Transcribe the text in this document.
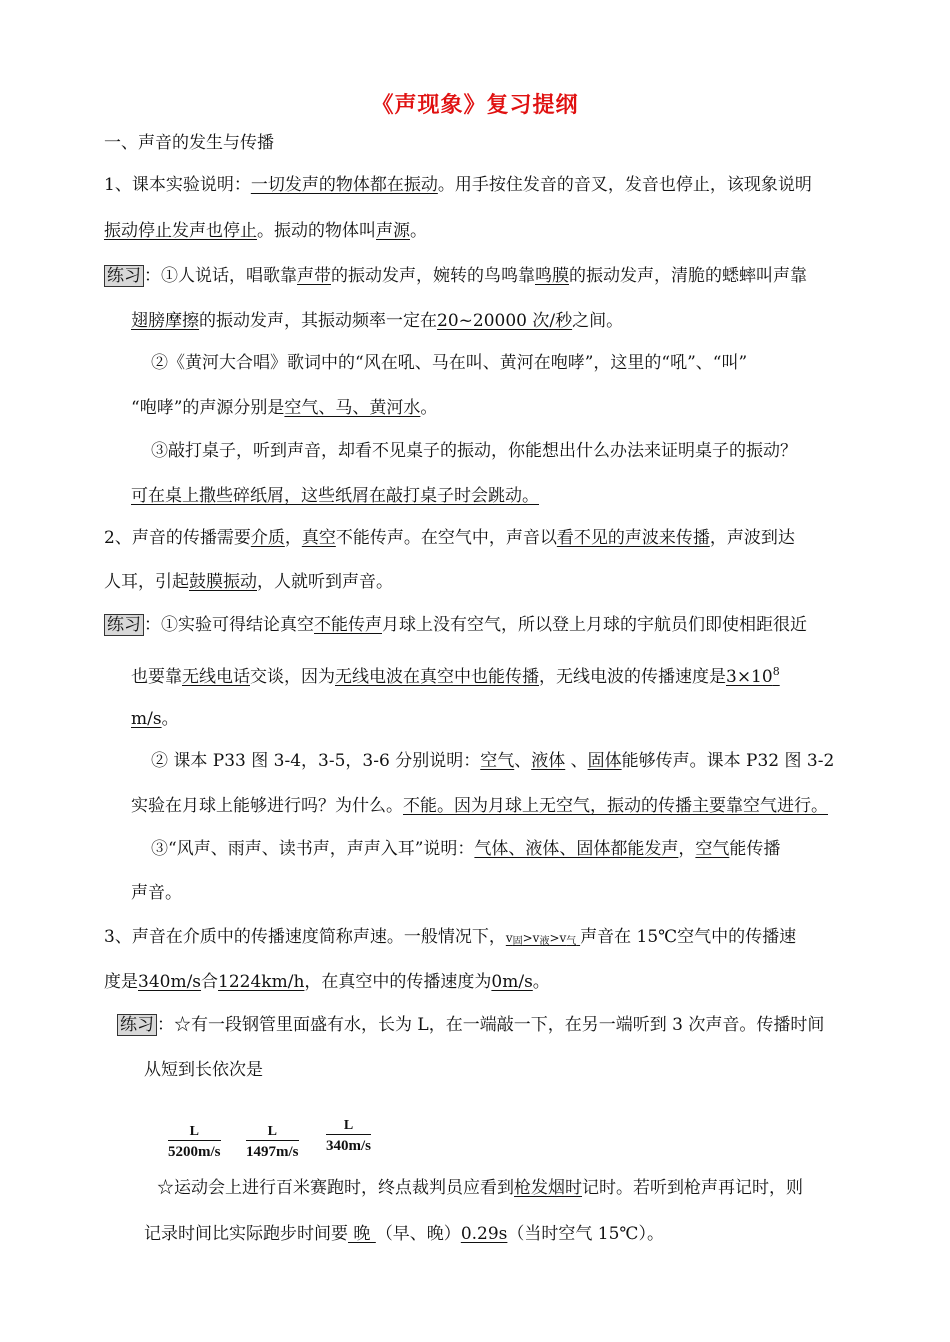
《声现象》复习提纲
一、声音的发生与传播
1、课本实验说明：一切发声的物体都在振动。用手按住发音的音叉，发音也停止，该现象说明
振动停止发声也停止。振动的物体叫声源。
练习 ：①人说话，唱歌靠声带的振动发声，婉转的鸟鸣靠鸣膜的振动发声，清脆的蟋蟀叫声靠
翅膀摩擦的振动发声，其振动频率一定在20~20000 次/秒之间。
②《黄河大合唱》歌词中的“风在吼、马在叫、黄河在咆哮”，这里的“吼”、“叫”
“咆哮”的声源分别是空气、马、黄河水。
③敲打桌子，听到声音，却看不见桌子的振动，你能想出什么办法来证明桌子的振动？
可在桌上撒些碎纸屑，这些纸屑在敲打桌子时会跳动。
2、声音的传播需要介质，真空不能传声。在空气中，声音以看不见的声波来传播，声波到达
人耳，引起鼓膜振动，人就听到声音。
练习 ：①实验可得结论真空不能传声月球上没有空气，所以登上月球的宇航员们即使相距很近
也要靠无线电话交谈，因为无线电波在真空中也能传播，无线电波的传播速度是$3\times 10^8$
m/s。
② 课本 P33 图 3-4，3-5，3-6 分别说明：空气、液体 、固体能够传声。课本 P32 图 3-2
实验在月球上能够进行吗？为什么。不能。因为月球上无空气，振动的传播主要靠空气进行。
③“风声、雨声、读书声，声声入耳”说明：气体、液体、固体都能发声，空气能传播
声音。
3、声音在介质中的传播速度简称声速。一般情况下，$v_固>v_液>v_气$ 声音在 15℃空气中的传播速
度是340m/s合1224km/h，在真空中的传播速度为0m/s。
练习 ：☆有一段钢管里面盛有水，长为 L，在一端敲一下，在另一端听到 3 次声音。传播时间
从短到长依次是
$\frac{L}{5200m/s} \frac{L}{1497m/s} \frac{L}{340m/s}$
☆运动会上进行百米赛跑时，终点裁判员应看到枪发烟时记时。若听到枪声再记时，则
记录时间比实际跑步时间要 晚 （早、晚）0.29s（当时空气 15℃）。
